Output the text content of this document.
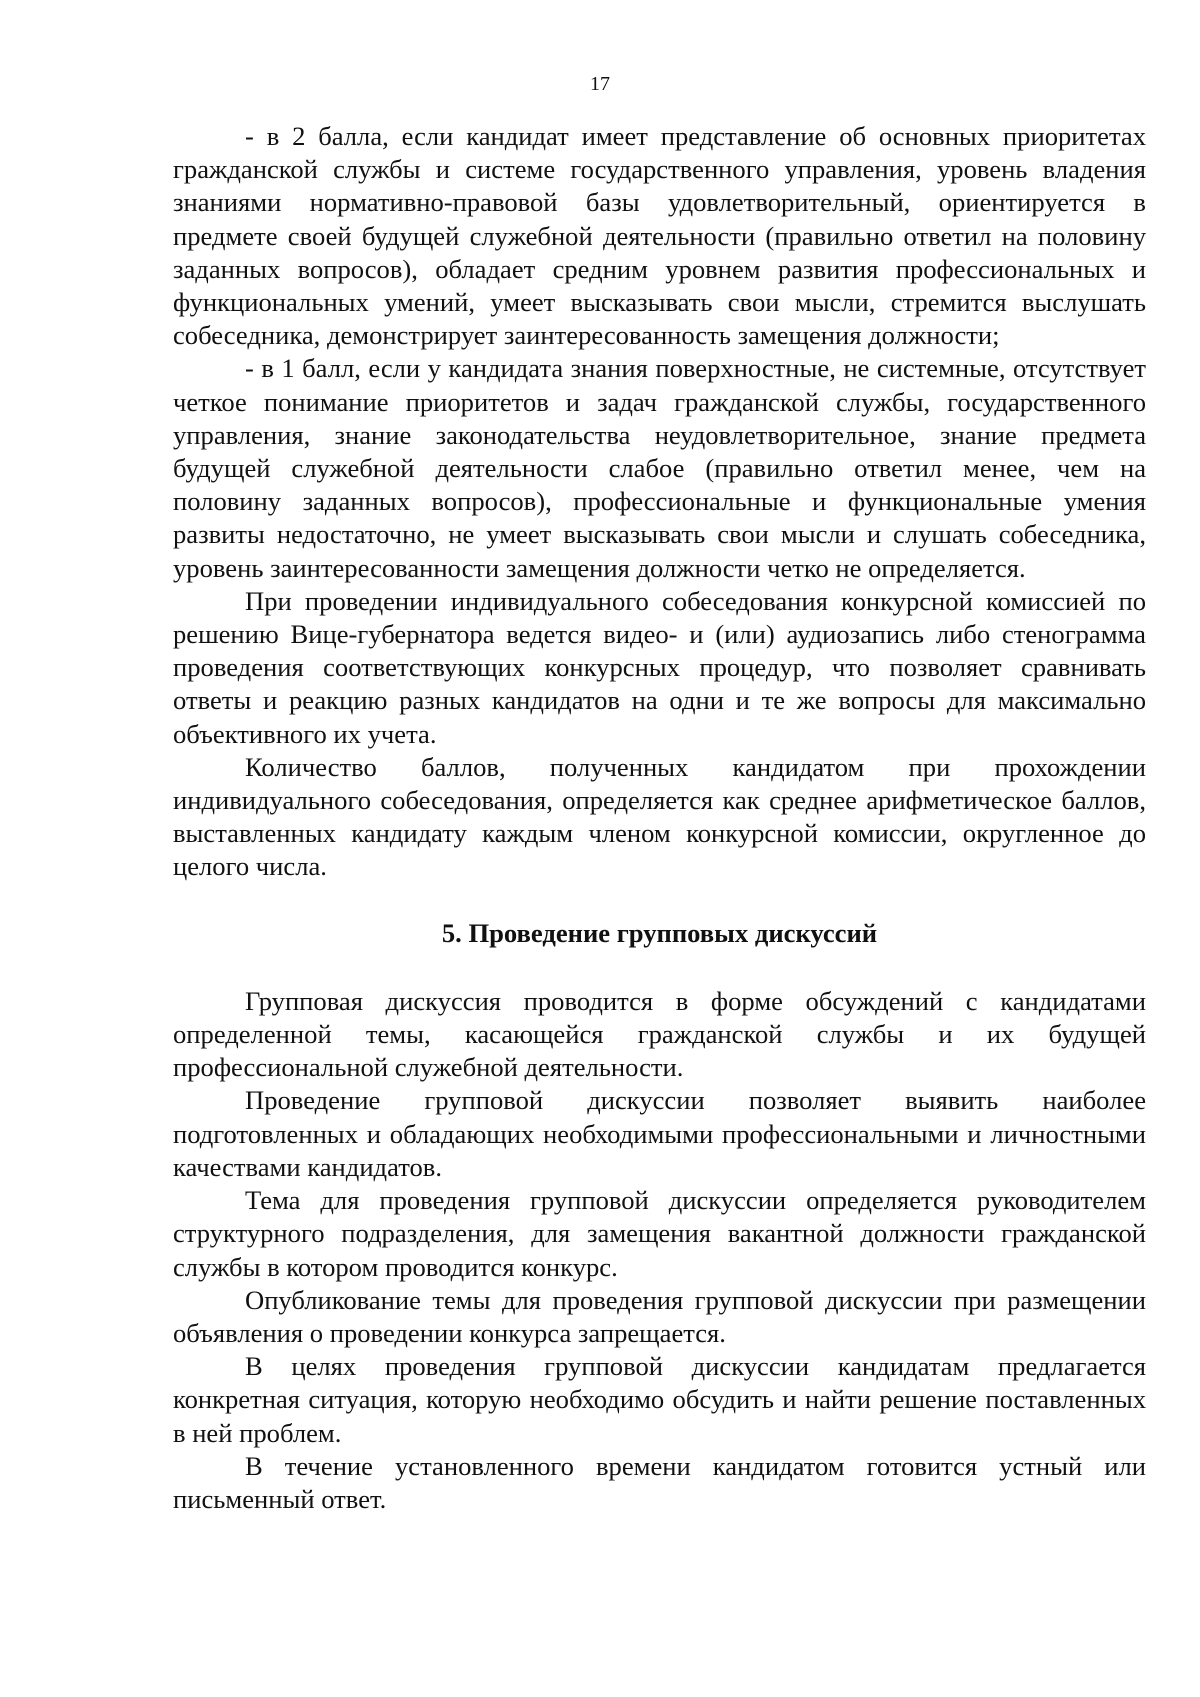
17

- в 2 балла, если кандидат имеет представление об основных приоритетах гражданской службы и системе государственного управления, уровень владения знаниями нормативно-правовой базы удовлетворительный, ориентируется в предмете своей будущей служебной деятельности (правильно ответил на половину заданных вопросов), обладает средним уровнем развития профессиональных и функциональных умений, умеет высказывать свои мысли, стремится выслушать собеседника, демонстрирует заинтересованность замещения должности;

- в 1 балл, если у кандидата знания поверхностные, не системные, отсутствует четкое понимание приоритетов и задач гражданской службы, государственного управления, знание законодательства неудовлетворительное, знание предмета будущей служебной деятельности слабое (правильно ответил менее, чем на половину заданных вопросов), профессиональные и функциональные умения развиты недостаточно, не умеет высказывать свои мысли и слушать собеседника, уровень заинтересованности замещения должности четко не определяется.

При проведении индивидуального собеседования конкурсной комиссией по решению Вице-губернатора ведется видео- и (или) аудиозапись либо стенограмма проведения соответствующих конкурсных процедур, что позволяет сравнивать ответы и реакцию разных кандидатов на одни и те же вопросы для максимально объективного их учета.

Количество баллов, полученных кандидатом при прохождении индивидуального собеседования, определяется как среднее арифметическое баллов, выставленных кандидату каждым членом конкурсной комиссии, округленное до целого числа.

5. Проведение групповых дискуссий

Групповая дискуссия проводится в форме обсуждений с кандидатами определенной темы, касающейся гражданской службы и их будущей профессиональной служебной деятельности.

Проведение групповой дискуссии позволяет выявить наиболее подготовленных и обладающих необходимыми профессиональными и личностными качествами кандидатов.

Тема для проведения групповой дискуссии определяется руководителем структурного подразделения, для замещения вакантной должности гражданской службы в котором проводится конкурс.

Опубликование темы для проведения групповой дискуссии при размещении объявления о проведении конкурса запрещается.

В целях проведения групповой дискуссии кандидатам предлагается конкретная ситуация, которую необходимо обсудить и найти решение поставленных в ней проблем.

В течение установленного времени кандидатом готовится устный или письменный ответ.
